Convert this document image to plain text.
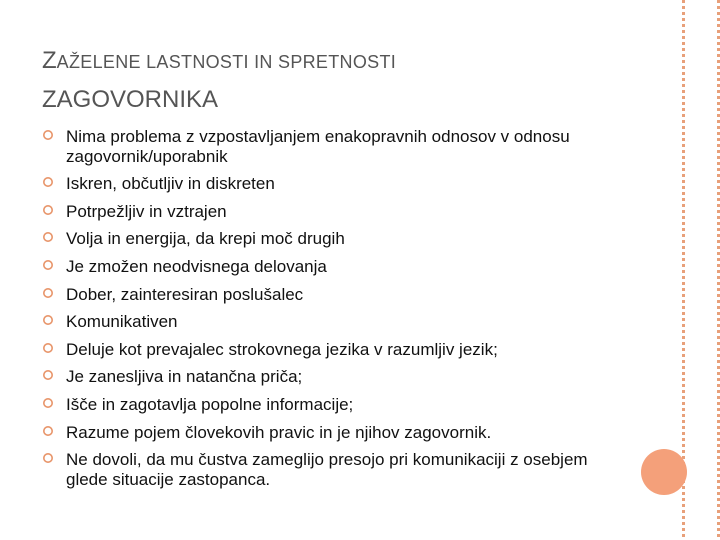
ZAŽELENE LASTNOSTI IN SPRETNOSTI
ZAGOVORNIKA
Nima problema z vzpostavljanjem enakopravnih odnosov v odnosu zagovornik/uporabnik
Iskren, občutljiv in diskreten
Potrpežljiv in vztrajen
Volja in energija, da krepi moč drugih
Je zmožen neodvisnega delovanja
Dober, zainteresiran poslušalec
Komunikativen
Deluje kot prevajalec strokovnega jezika v razumljiv jezik;
Je zanesljiva in natančna priča;
Išče in zagotavlja popolne informacije;
Razume pojem človekovih pravic in je njihov zagovornik.
Ne dovoli, da mu čustva zameglijo presojo pri komunikaciji z osebjem glede situacije zastopanca.
